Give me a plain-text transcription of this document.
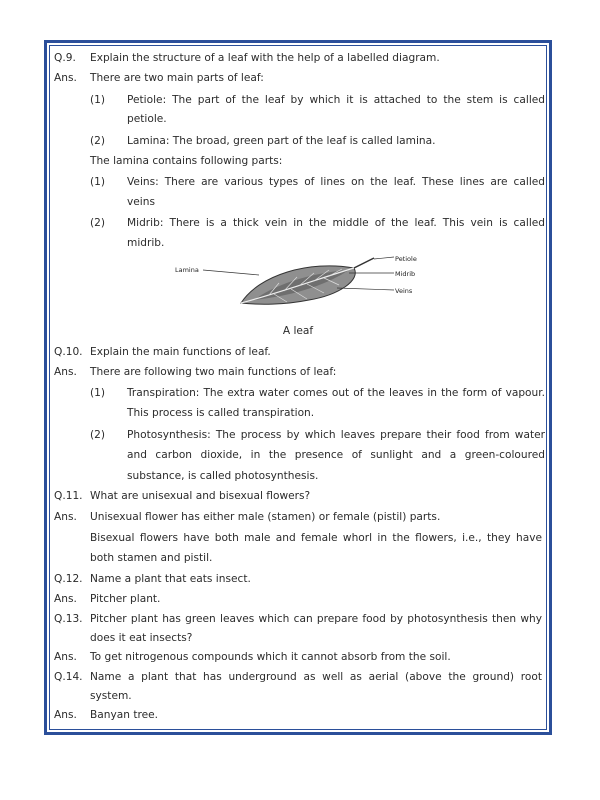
Q.9. Explain the structure of a leaf with the help of a labelled diagram.
Ans. There are two main parts of leaf:
(1) Petiole: The part of the leaf by which it is attached to the stem is called
petiole.
(2) Lamina: The broad, green part of the leaf is called lamina.
The lamina contains following parts:
(1) Veins: There are various types of lines on the leaf. These lines are called
veins
(2) Midrib: There is a thick vein in the middle of the leaf. This vein is called
midrib.
Lamina
Petiole
Midrib
Veins
A leaf
Q.10. Explain the main functions of leaf.
Ans. There are following two main functions of leaf:
(1) Transpiration: The extra water comes out of the leaves in the form of vapour.
This process is called transpiration.
(2) Photosynthesis: The process by which leaves prepare their food from water
and carbon dioxide, in the presence of sunlight and a green-coloured
substance, is called photosynthesis.
Q.11. What are unisexual and bisexual flowers?
Ans. Unisexual flower has either male (stamen) or female (pistil) parts.
Bisexual flowers have both male and female whorl in the flowers, i.e., they have
both stamen and pistil.
Q.12. Name a plant that eats insect.
Ans. Pitcher plant.
Q.13. Pitcher plant has green leaves which can prepare food by photosynthesis then why
does it eat insects?
Ans. To get nitrogenous compounds which it cannot absorb from the soil.
Q.14. Name a plant that has underground as well as aerial (above the ground) root
system.
Ans. Banyan tree.
